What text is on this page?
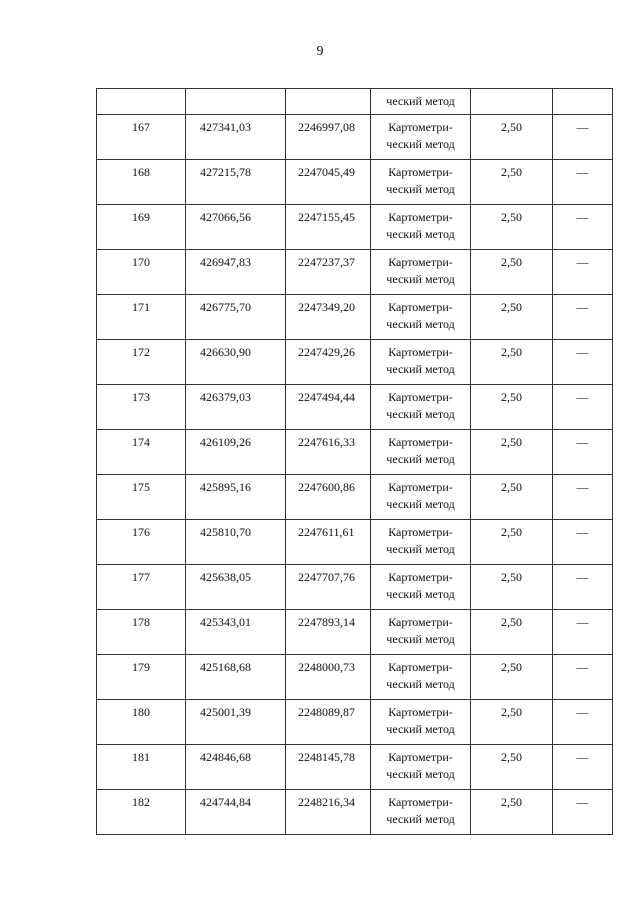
9

			ческий метод		

167	427341,03	2246997,08	Картометри-
ческий метод	2,50	—

168	427215,78	2247045,49	Картометри-
ческий метод	2,50	—

169	427066,56	2247155,45	Картометри-
ческий метод	2,50	—

170	426947,83	2247237,37	Картометри-
ческий метод	2,50	—

171	426775,70	2247349,20	Картометри-
ческий метод	2,50	—

172	426630,90	2247429,26	Картометри-
ческий метод	2,50	—

173	426379,03	2247494,44	Картометри-
ческий метод	2,50	—

174	426109,26	2247616,33	Картометри-
ческий метод	2,50	—

175	425895,16	2247600,86	Картометри-
ческий метод	2,50	—

176	425810,70	2247611,61	Картометри-
ческий метод	2,50	—

177	425638,05	2247707,76	Картометри-
ческий метод	2,50	—

178	425343,01	2247893,14	Картометри-
ческий метод	2,50	—

179	425168,68	2248000,73	Картометри-
ческий метод	2,50	—

180	425001,39	2248089,87	Картометри-
ческий метод	2,50	—

181	424846,68	2248145,78	Картометри-
ческий метод	2,50	—

182	424744,84	2248216,34	Картометри-
ческий метод	2,50	—
